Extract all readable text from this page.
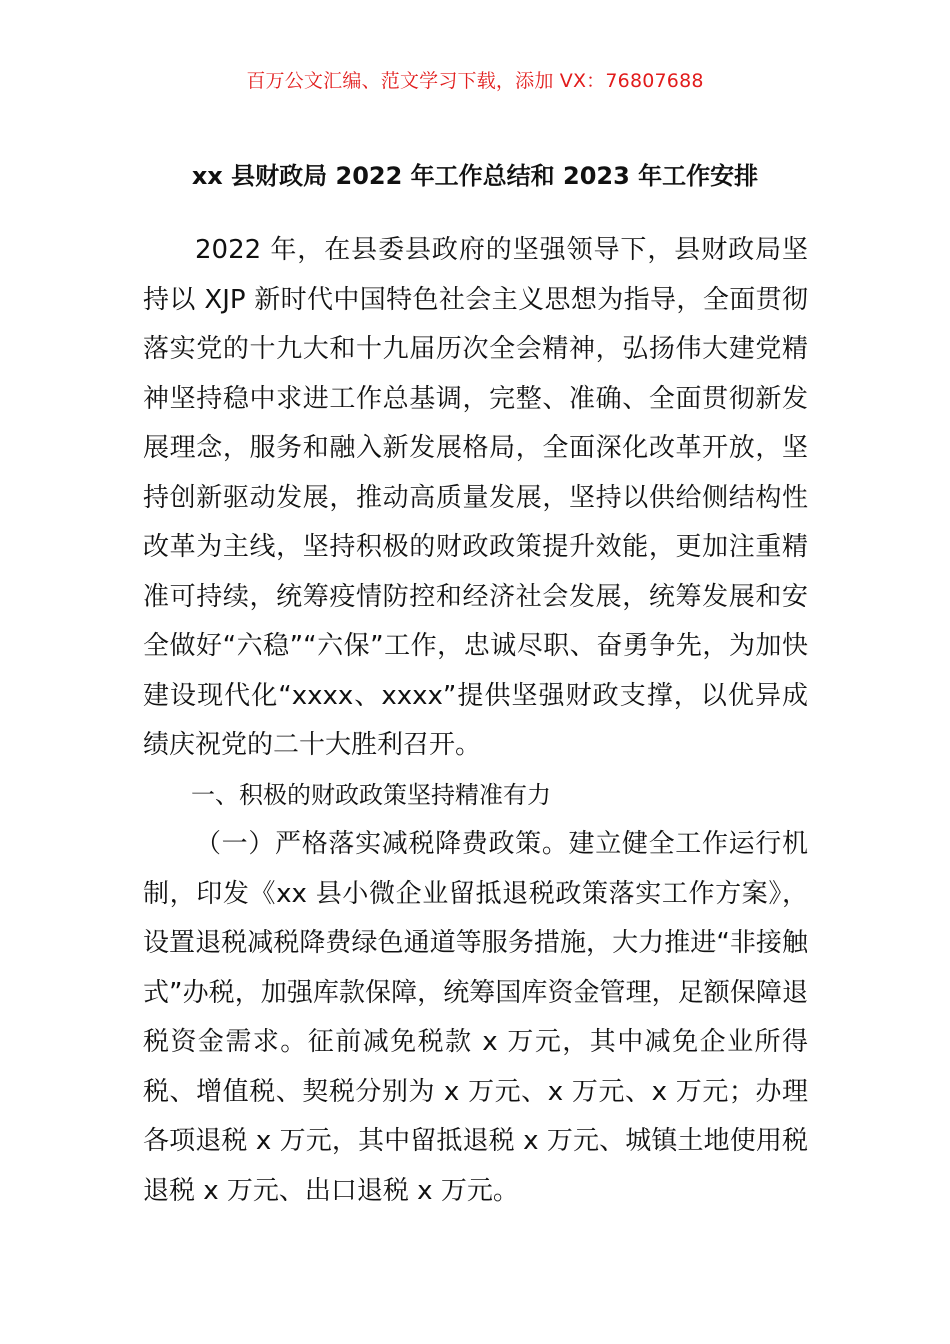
百万公文汇编、范文学习下载，添加 VX：76807688
xx 县财政局 2022 年工作总结和 2023 年工作安排

2022 年，在县委县政府的坚强领导下，县财政局坚持以 XJP 新时代中国特色社会主义思想为指导，全面贯彻落实党的十九大和十九届历次全会精神，弘扬伟大建党精神坚持稳中求进工作总基调，完整、准确、全面贯彻新发展理念，服务和融入新发展格局，全面深化改革开放，坚持创新驱动发展，推动高质量发展，坚持以供给侧结构性改革为主线，坚持积极的财政政策提升效能，更加注重精准可持续，统筹疫情防控和经济社会发展，统筹发展和安全做好“六稳”“六保”工作，忠诚尽职、奋勇争先，为加快建设现代化“xxxx、xxxx”提供坚强财政支撑，以优异成绩庆祝党的二十大胜利召开。

一、积极的财政政策坚持精准有力

（一）严格落实减税降费政策。建立健全工作运行机制，印发《xx 县小微企业留抵退税政策落实工作方案》，设置退税减税降费绿色通道等服务措施，大力推进“非接触式”办税，加强库款保障，统筹国库资金管理，足额保障退税资金需求。征前减免税款 x 万元，其中减免企业所得税、增值税、契税分别为 x 万元、x 万元、x 万元；办理各项退税 x 万元，其中留抵退税 x 万元、城镇土地使用税退税 x 万元、出口退税 x 万元。
